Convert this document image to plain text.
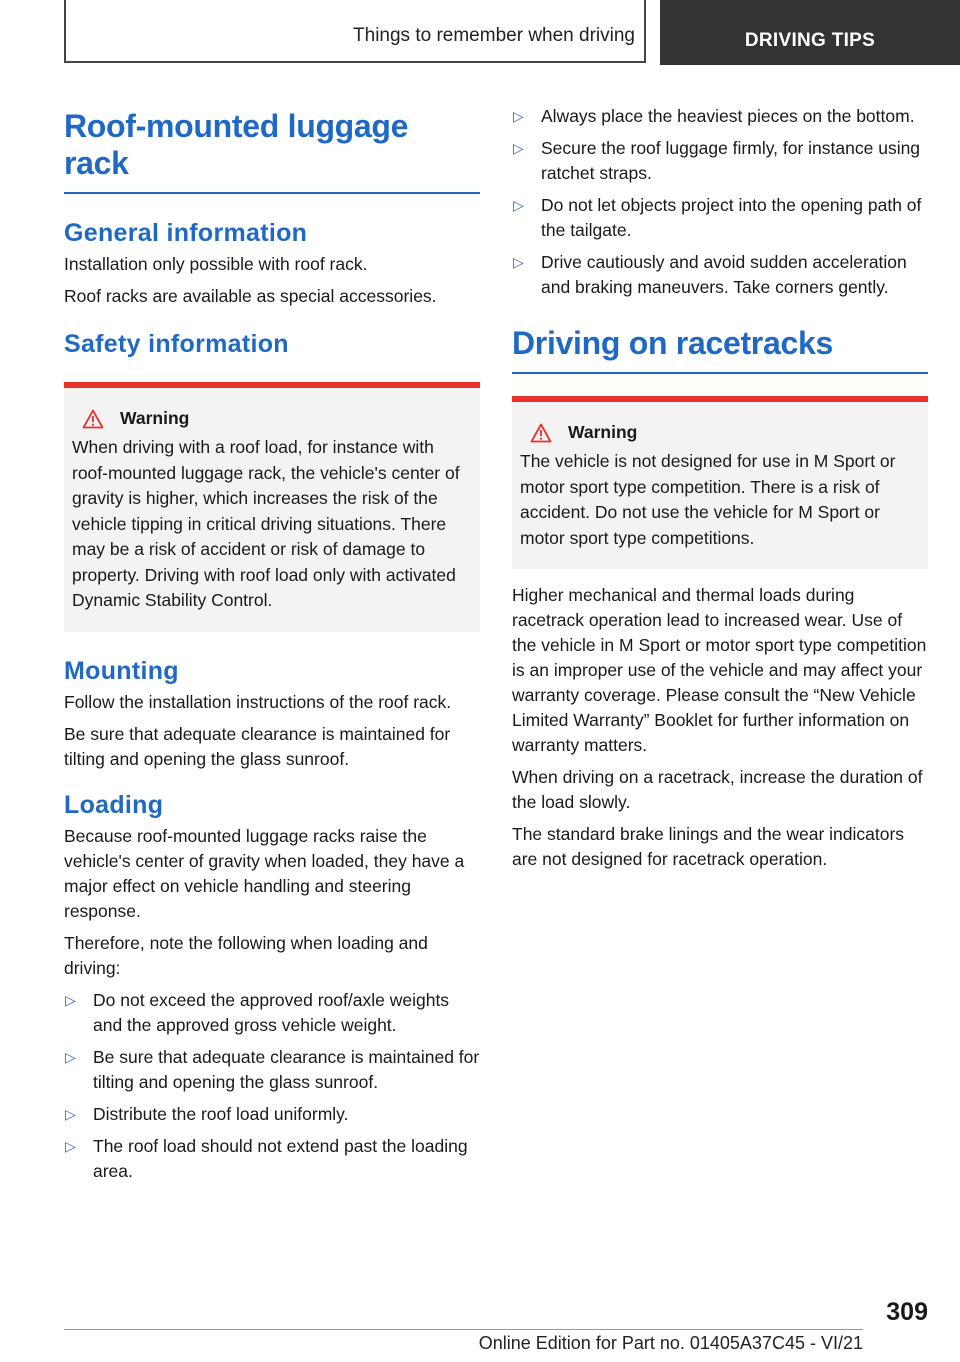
Things to remember when driving	DRIVING TIPS
Roof-mounted luggage rack
General information

Installation only possible with roof rack.

Roof racks are available as special accessories.

Safety information
Warning

When driving with a roof load, for instance with roof-mounted luggage rack, the vehicle's center of gravity is higher, which increases the risk of the vehicle tipping in critical driving situations. There may be a risk of accident or risk of damage to property. Driving with roof load only with activated Dynamic Stability Control.

Mounting

Follow the installation instructions of the roof rack.

Be sure that adequate clearance is maintained for tilting and opening the glass sunroof.

Loading

Because roof-mounted luggage racks raise the vehicle's center of gravity when loaded, they have a major effect on vehicle handling and steering response.

Therefore, note the following when loading and driving:

▷ Do not exceed the approved roof/axle weights and the approved gross vehicle weight.
▷ Be sure that adequate clearance is maintained for tilting and opening the glass sunroof.
▷ Distribute the roof load uniformly.
▷ The roof load should not extend past the loading area.
▷ Always place the heaviest pieces on the bottom.
▷ Secure the roof luggage firmly, for instance using ratchet straps.
▷ Do not let objects project into the opening path of the tailgate.
▷ Drive cautiously and avoid sudden acceleration and braking maneuvers. Take corners gently.
Driving on racetracks
Warning

The vehicle is not designed for use in M Sport or motor sport type competition. There is a risk of accident. Do not use the vehicle for M Sport or motor sport type competitions.

Higher mechanical and thermal loads during racetrack operation lead to increased wear. Use of the vehicle in M Sport or motor sport type competition is an improper use of the vehicle and may affect your warranty coverage. Please consult the “New Vehicle Limited Warranty” Booklet for further information on warranty matters.

When driving on a racetrack, increase the duration of the load slowly.

The standard brake linings and the wear indicators are not designed for racetrack operation.

309
Online Edition for Part no. 01405A37C45 - VI/21
